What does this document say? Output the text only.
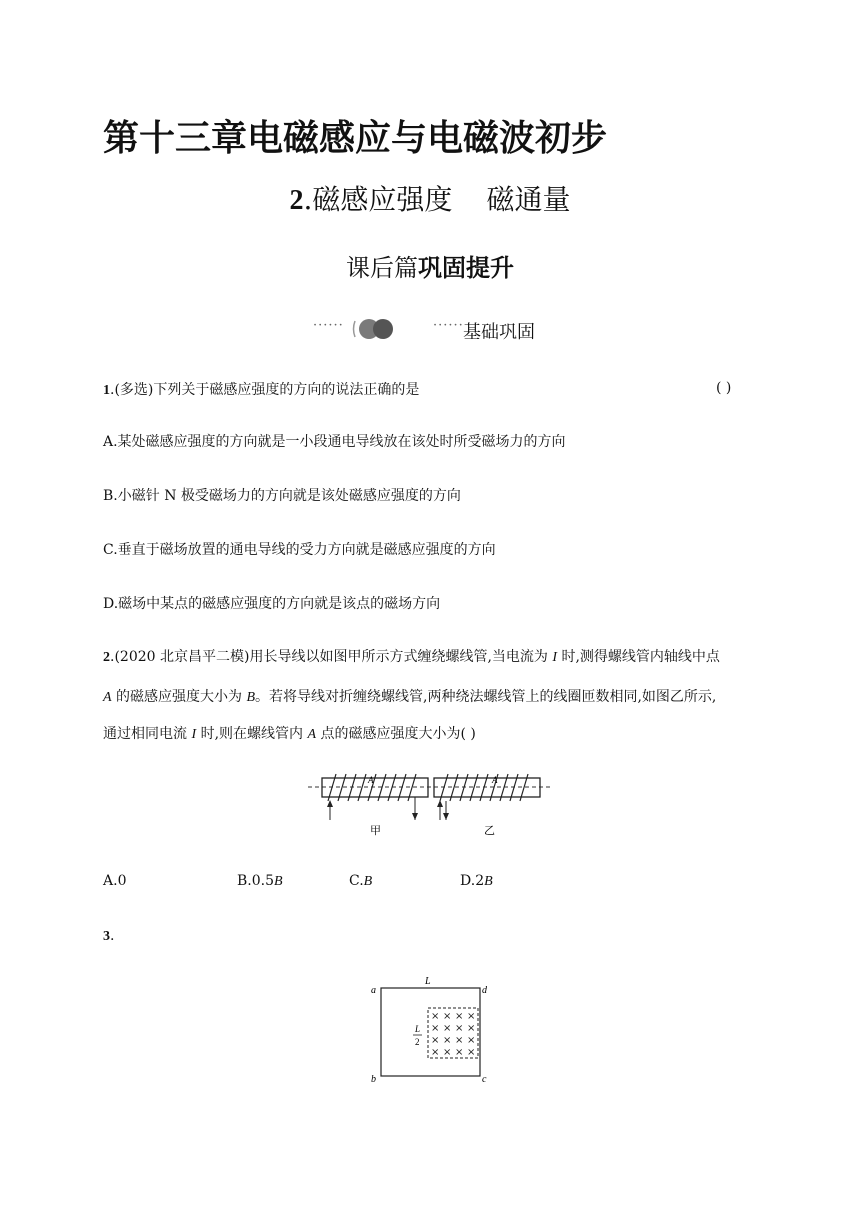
第十三章电磁感应与电磁波初步
2.磁感应强度 磁通量
课后篇巩固提升
······	······ 基础巩固
1.(多选)下列关于磁感应强度的方向的说法正确的是	( )
A.某处磁感应强度的方向就是一小段通电导线放在该处时所受磁场力的方向
B.小磁针 N 极受磁场力的方向就是该处磁感应强度的方向
C.垂直于磁场放置的通电导线的受力方向就是磁感应强度的方向
D.磁场中某点的磁感应强度的方向就是该点的磁场方向
2.(2020 北京昌平二模)用长导线以如图甲所示方式缠绕螺线管,当电流为 I 时,测得螺线管内轴线中点
A 的磁感应强度大小为 B。若将导线对折缠绕螺线管,两种绕法螺线管上的线圈匝数相同,如图乙所示,
通过相同电流 I 时,则在螺线管内 A 点的磁感应强度大小为( )
A	A
甲	乙
A.0	B.0.5B	C.B	D.2B
3.
a
b	c
d
L
L
2
× × × ×
× × × ×
× × × ×
× × × ×
